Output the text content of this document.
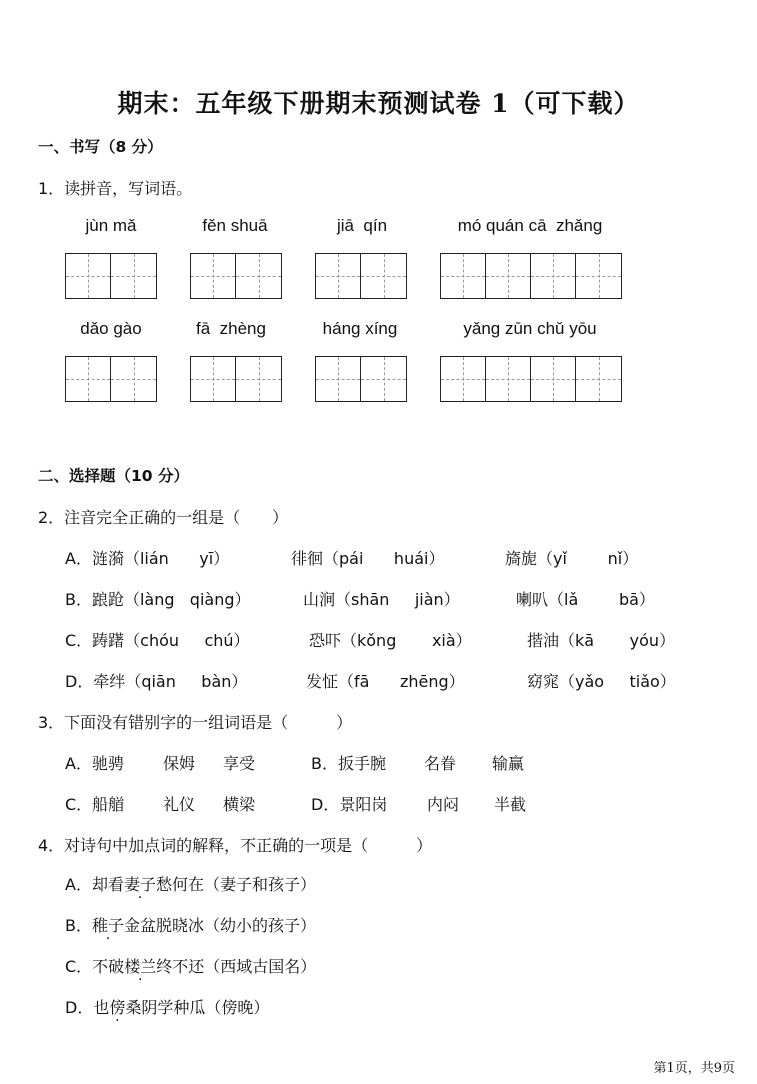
期末：五年级下册期末预测试卷 1（可下载）
一、书写（8 分）
1．读拼音，写词语。
jùn mǎ	fěn shuā	jiā  qín	mó quán cā  zhǎng
dǎo gào	fā  zhèng	háng xíng	yǎng zūn chǔ yōu
二、选择题（10 分）
2．注音完全正确的一组是（　　）
A．涟漪（lián      yī）	徘徊（pái      huái）	旖旎（yǐ        nǐ）
B．踉跄（làng   qiàng）	山涧（shān     jiàn）	喇叭（lǎ        bā）
C．踌躇（chóu     chú）	恐吓（kǒng       xià）	揩油（kā       yóu）
D．牵绊（qiān     bàn）	发怔（fā      zhēng）	窈窕（yǎo     tiǎo）
3．下面没有错别字的一组词语是（　　　）
A．驰骋 保姆 享受	B．扳手腕 名眷 输赢
C．船艏 礼仪 横梁	D．景阳岗 内闷 半截
4．对诗句中加点词的解释，不正确的一项是（　　　）
A．却看妻子愁何在（妻子和孩子）
B．稚子金盆脱晓冰（幼小的孩子）
C．不破楼兰终不还（西域古国名）
D．也傍桑阴学种瓜（傍晚）
第1页，共9页
